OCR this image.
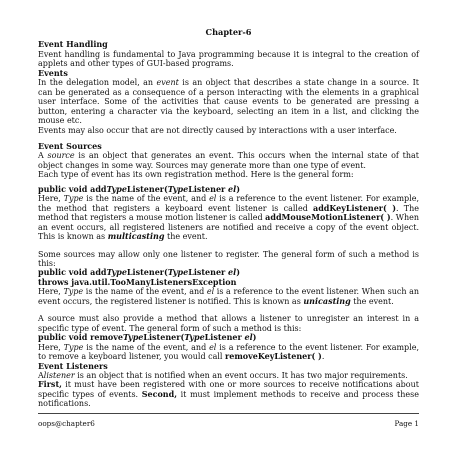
Chapter-6

Event Handling

Event handling is fundamental to Java programming because it is integral to the creation of applets and other types of GUI-based programs.

Events

In the delegation model, an event is an object that describes a state change in a source. It can be generated as a consequence of a person interacting with the elements in a graphical user interface. Some of the activities that cause events to be generated are pressing a button, entering a character via the keyboard, selecting an item in a list, and clicking the mouse etc.

Events may also occur that are not directly caused by interactions with a user interface.

Event Sources

A source is an object that generates an event. This occurs when the internal state of that object changes in some way. Sources may generate more than one type of event.

Each type of event has its own registration method. Here is the general form:

public void addTypeListener(TypeListener el)

Here, Type is the name of the event, and el is a reference to the event listener. For example, the method that registers a keyboard event listener is called addKeyListener( ). The method that registers a mouse motion listener is called addMouseMotionListener( ). When an event occurs, all registered listeners are notified and receive a copy of the event object. This is known as multicasting the event.

Some sources may allow only one listener to register. The general form of such a method is this:

public void addTypeListener(TypeListener el)

throws java.util.TooManyListenersException

Here, Type is the name of the event, and el is a reference to the event listener. When such an event occurs, the registered listener is notified. This is known as unicasting the event.

A source must also provide a method that allows a listener to unregister an interest in a specific type of event. The general form of such a method is this:

public void removeTypeListener(TypeListener el)

Here, Type is the name of the event, and el is a reference to the event listener. For example, to remove a keyboard listener, you would call removeKeyListener( ).

Event Listeners

Alistener is an object that is notified when an event occurs. It has two major requirements.

First, it must have been registered with one or more sources to receive notifications about specific types of events. Second, it must implement methods to receive and process these notifications.

oops@chapter6	Page 1
